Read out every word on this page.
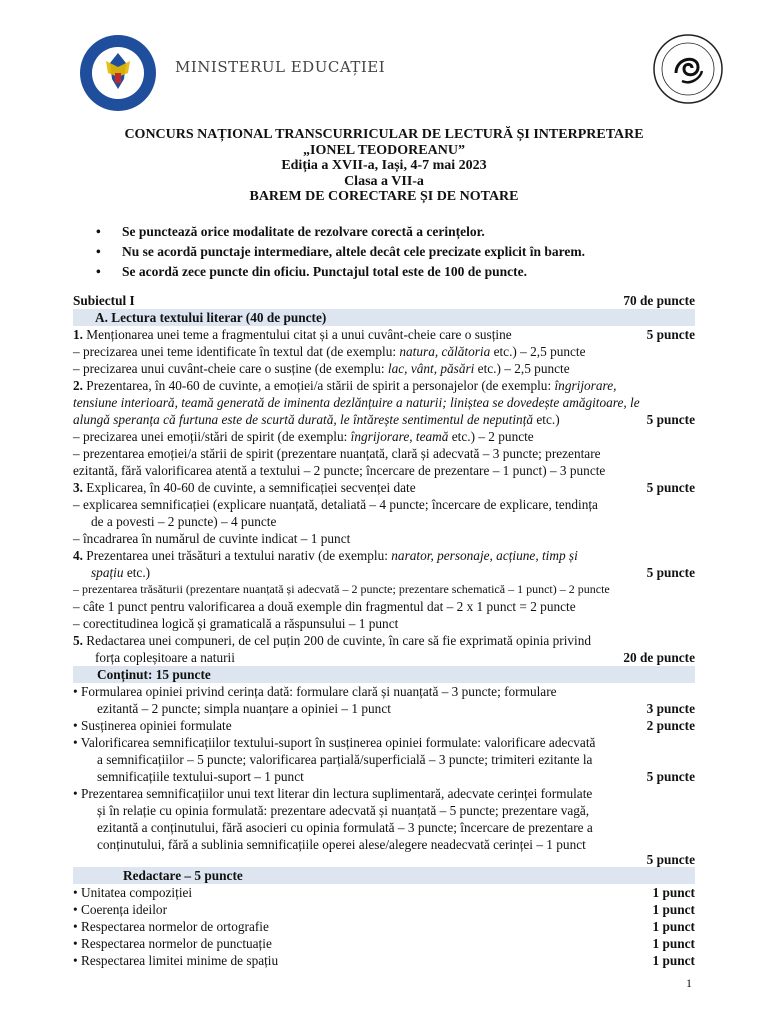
MINISTERUL EDUCAȚIEI
CONCURS NAȚIONAL TRANSCURRICULAR DE LECTURĂ ȘI INTERPRETARE
„IONEL TEODOREANU”
Ediția a XVII-a, Iași, 4-7 mai 2023
Clasa a VII-a
BAREM DE CORECTARE ȘI DE NOTARE
• Se punctează orice modalitate de rezolvare corectă a cerințelor.
• Nu se acordă punctaje intermediare, altele decât cele precizate explicit în barem.
• Se acordă zece puncte din oficiu. Punctajul total este de 100 de puncte.
Subiectul I	70 de puncte
A. Lectura textului literar (40 de puncte)
1. Menționarea unei teme a fragmentului citat și a unui cuvânt-cheie care o susține	5 puncte
– precizarea unei teme identificate în textul dat (de exemplu: natura, călătoria etc.) – 2,5 puncte
– precizarea unui cuvânt-cheie care o susține (de exemplu: lac, vânt, păsări etc.) – 2,5 puncte
2. Prezentarea, în 40-60 de cuvinte, a emoției/a stării de spirit a personajelor (de exemplu: îngrijorare,
tensiune interioară, teamă generată de iminenta dezlănțuire a naturii; liniștea se dovedește amăgitoare, le
alungă speranța că furtuna este de scurtă durată, le întărește sentimentul de neputință etc.)	5 puncte
– precizarea unei emoții/stări de spirit (de exemplu: îngrijorare, teamă etc.) – 2 puncte
– prezentarea emoției/a stării de spirit (prezentare nuanțată, clară și adecvată – 3 puncte; prezentare
ezitantă, fără valorificarea atentă a textului – 2 puncte; încercare de prezentare – 1 punct) – 3 puncte
3. Explicarea, în 40-60 de cuvinte, a semnificației secvenței date	5 puncte
– explicarea semnificației (explicare nuanțată, detaliată – 4 puncte; încercare de explicare, tendința
de a povesti – 2 puncte) – 4 puncte
– încadrarea în numărul de cuvinte indicat – 1 punct
4. Prezentarea unei trăsături a textului narativ (de exemplu: narator, personaje, acțiune, timp și
spațiu etc.)	5 puncte
– prezentarea trăsăturii (prezentare nuanțată și adecvată – 2 puncte; prezentare schematică – 1 punct) – 2 puncte
– câte 1 punct pentru valorificarea a două exemple din fragmentul dat – 2 x 1 punct = 2 puncte
– corectitudinea logică și gramaticală a răspunsului – 1 punct
5. Redactarea unei compuneri, de cel puțin 200 de cuvinte, în care să fie exprimată opinia privind
forța copleșitoare a naturii	20 de puncte
Conținut: 15 puncte
• Formularea opiniei privind cerința dată: formulare clară și nuanțată – 3 puncte; formulare
ezitantă – 2 puncte; simpla nuanțare a opiniei – 1 punct	3 puncte
• Susținerea opiniei formulate	2 puncte
• Valorificarea semnificațiilor textului-suport în susținerea opiniei formulate: valorificare adecvată
a semnificațiilor – 5 puncte; valorificarea parțială/superficială – 3 puncte; trimiteri ezitante la
semnificațiile textului-suport – 1 punct	5 puncte
• Prezentarea semnificațiilor unui text literar din lectura suplimentară, adecvate cerinței formulate
și în relație cu opinia formulată: prezentare adecvată și nuanțată – 5 puncte; prezentare vagă,
ezitantă a conținutului, fără asocieri cu opinia formulată – 3 puncte; încercare de prezentare a
conținutului, fără a sublinia semnificațiile operei alese/alegere neadecvată cerinței – 1 punct
5 puncte
Redactare – 5 puncte
• Unitatea compoziției	1 punct
• Coerența ideilor	1 punct
• Respectarea normelor de ortografie	1 punct
• Respectarea normelor de punctuație	1 punct
• Respectarea limitei minime de spațiu	1 punct
1
